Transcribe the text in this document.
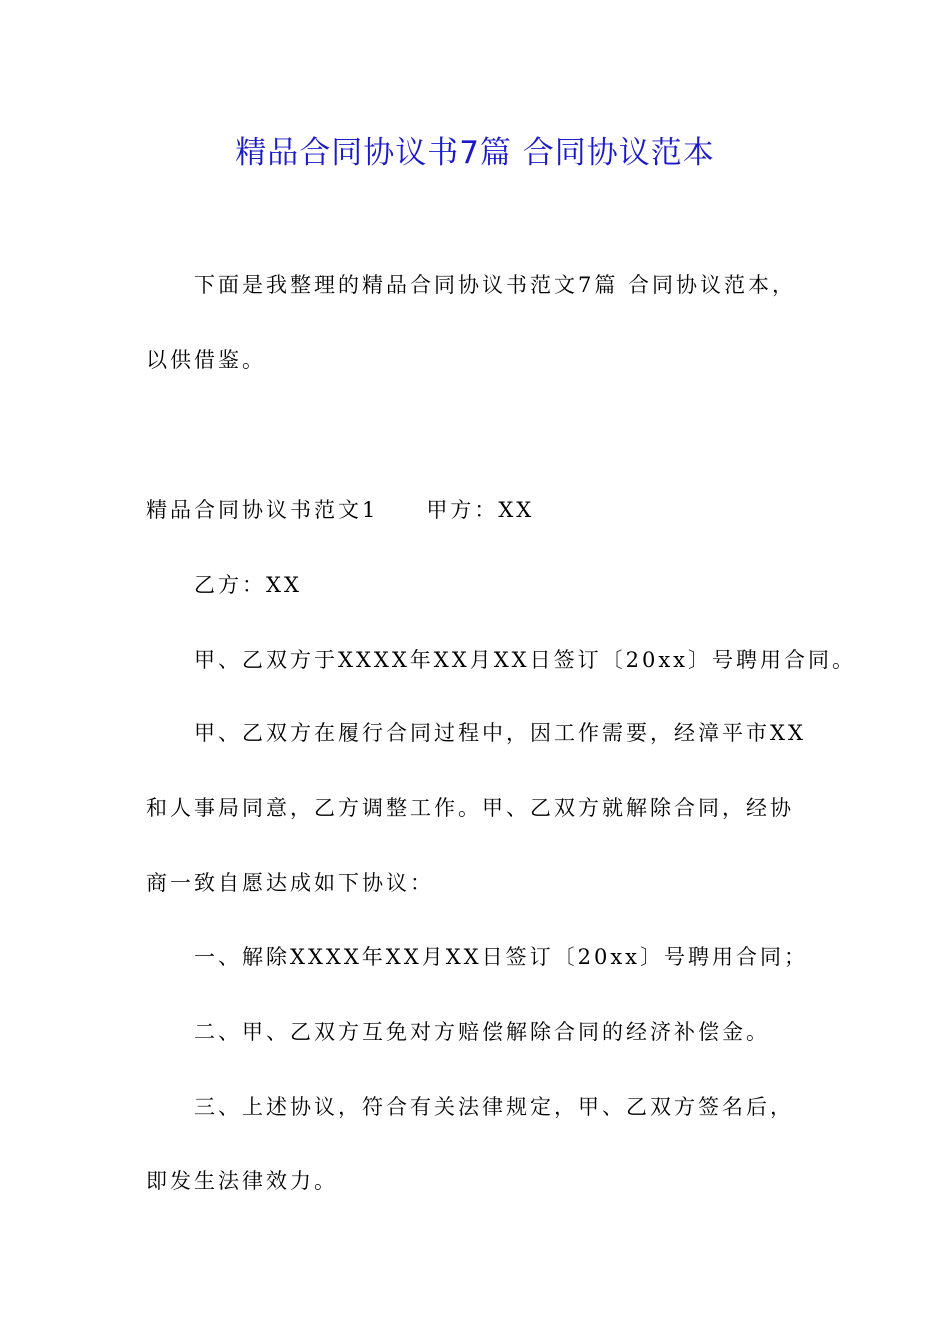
精品合同协议书7篇 合同协议范本
下面是我整理的精品合同协议书范文7篇 合同协议范本，
以供借鉴。
精品合同协议书范文1　　甲方：XX
乙方：XX
甲、乙双方于XXXX年XX月XX日签订〔20xx〕号聘用合同。
甲、乙双方在履行合同过程中，因工作需要，经漳平市XX
和人事局同意，乙方调整工作。甲、乙双方就解除合同，经协
商一致自愿达成如下协议：
一、解除XXXX年XX月XX日签订〔20xx〕号聘用合同；
二、甲、乙双方互免对方赔偿解除合同的经济补偿金。
三、上述协议，符合有关法律规定，甲、乙双方签名后，
即发生法律效力。
